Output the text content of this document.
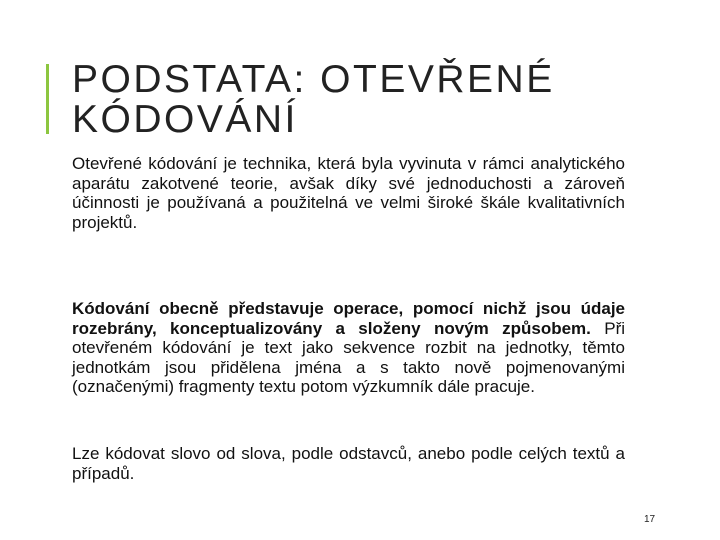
PODSTATA: OTEVŘENÉ
KÓDOVÁNÍ

Otevřené kódování je technika, která byla vyvinuta v rámci analytického aparátu zakotvené teorie, avšak díky své jednoduchosti a zároveň účinnosti je používaná a použitelná ve velmi široké škále kvalitativních projektů.

Kódování obecně představuje operace, pomocí nichž jsou údaje rozebrány, konceptualizovány a složeny novým způsobem. Při otevřeném kódování je text jako sekvence rozbit na jednotky, těmto jednotkám jsou přidělena jména a s takto nově pojmenovanými (označenými) fragmenty textu potom výzkumník dále pracuje.

Lze kódovat slovo od slova, podle odstavců, anebo podle celých textů a případů.

17
